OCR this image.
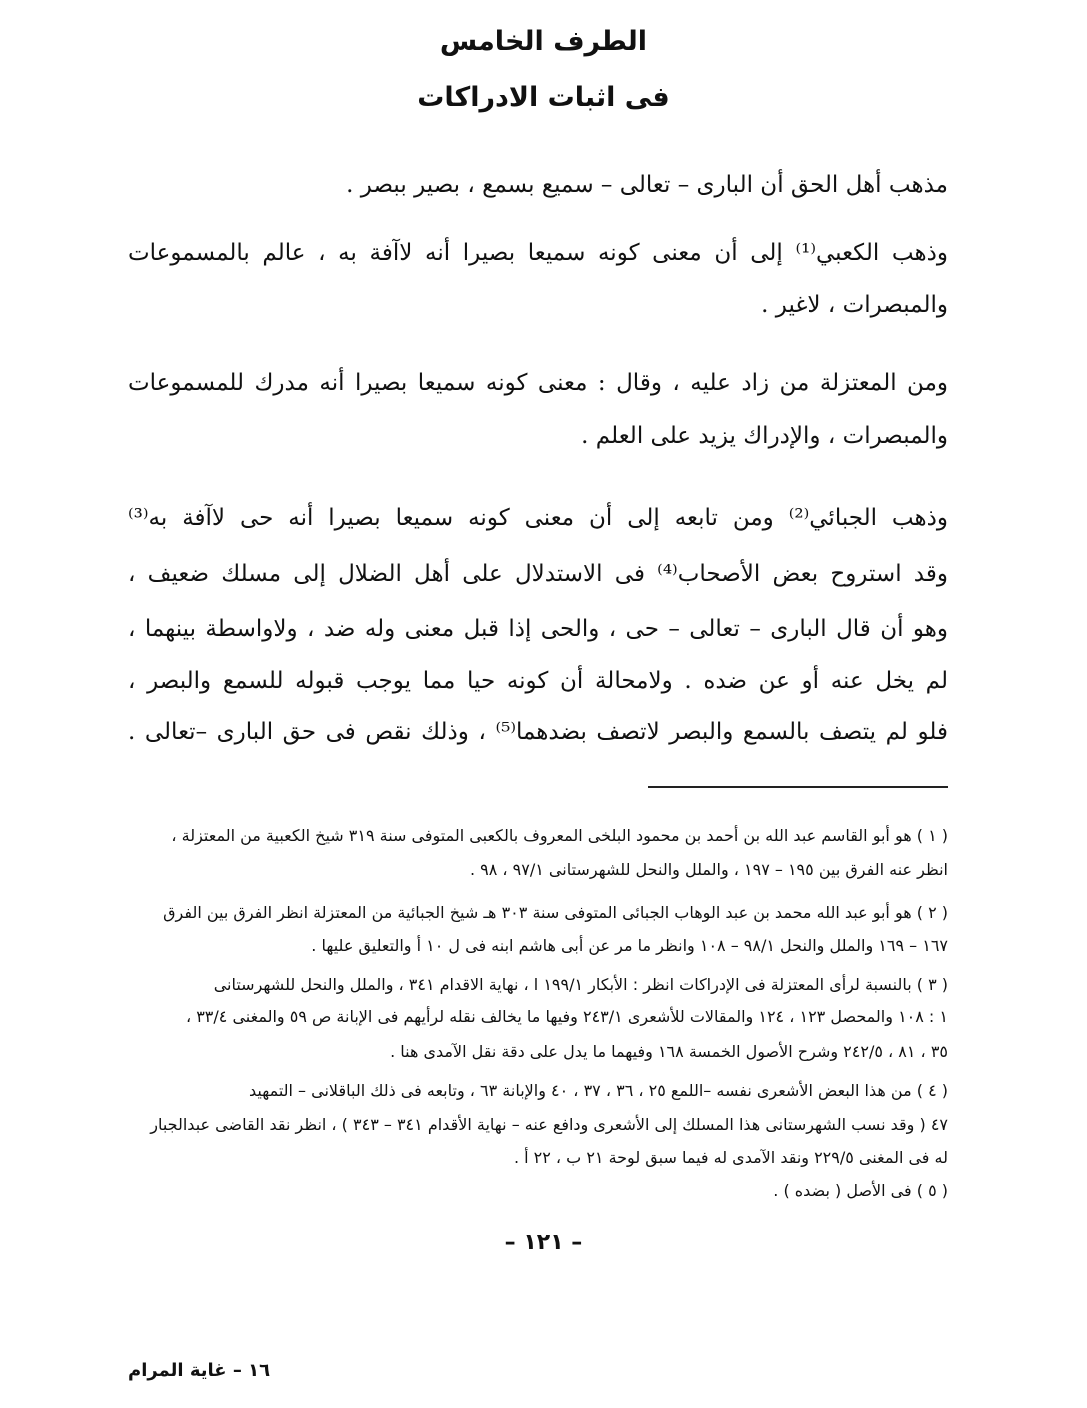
الطرف الخامس
فى اثبات الادراكات
مذهب أهل الحق أن البارى – تعالى – سميع بسمع ، بصير ببصر .
وذهب الكعبي⁽¹⁾ إلى أن معنى كونه سميعا بصيرا أنه لاآفة به ، عالم بالمسموعات
والمبصرات ، لاغير .
ومن المعتزلة من زاد عليه ، وقال : معنى كونه سميعا بصيرا أنه مدرك للمسموعات
والمبصرات ، والإدراك يزيد على العلم .
وذهب الجبائي⁽²⁾ ومن تابعه إلى أن معنى كونه سميعا بصيرا أنه حى لاآفة به⁽³⁾
وقد استروح بعض الأصحاب⁽⁴⁾ فى الاستدلال على أهل الضلال إلى مسلك ضعيف ،
وهو أن قال البارى – تعالى – حى ، والحى إذا قبل معنى وله ضد ، ولاواسطة بينهما ،
لم يخل عنه أو عن ضده . ولامحالة أن كونه حيا مما يوجب قبوله للسمع والبصر ،
فلو لم يتصف بالسمع والبصر لاتصف بضدهما⁽⁵⁾ ، وذلك نقص فى حق البارى –تعالى .
( ١ ) هو أبو القاسم عبد الله بن أحمد بن محمود البلخى المعروف بالكعبى المتوفى سنة ٣١٩ شيخ الكعبية من المعتزلة ،
انظر عنه الفرق بين ١٩٥ – ١٩٧ ، والملل والنحل للشهرستانى ٩٧/١ ، ٩٨ .
( ٢ ) هو أبو عبد الله محمد بن عبد الوهاب الجبائى المتوفى سنة ٣٠٣ هـ شيخ الجبائية من المعتزلة انظر الفرق بين الفرق
١٦٧ – ١٦٩ والملل والنحل ٩٨/١ – ١٠٨ وانظر ما مر عن أبى هاشم ابنه فى ل ١٠ أ والتعليق عليها .
( ٣ ) بالنسبة لرأى المعتزلة فى الإدراكات انظر : الأبكار ١٩٩/١ ا ، نهاية الاقدام ٣٤١ ، والملل والنحل للشهرستانى
١ : ١٠٨ والمحصل ١٢٣ ، ١٢٤ والمقالات للأشعرى ٢٤٣/١ وفيها ما يخالف نقله لرأيهم فى الإبانة ص ٥٩ والمغنى ٣٣/٤ ،
٣٥ ، ٨١ ، ٢٤٢/٥ وشرح الأصول الخمسة ١٦٨ وفيهما ما يدل على دقة نقل الآمدى هنا .
( ٤ ) من هذا البعض الأشعرى نفسه –اللمع ٢٥ ، ٣٦ ، ٣٧ ، ٤٠ والإبانة ٦٣ ، وتابعه فى ذلك الباقلانى – التمهيد
٤٧ ( وقد نسب الشهرستانى هذا المسلك إلى الأشعرى ودافع عنه – نهاية الأقدام ٣٤١ – ٣٤٣ ) ، انظر نقد القاضى عبدالجبار
له فى المغنى ٢٢٩/٥ ونقد الآمدى له فيما سبق لوحة ٢١ ب ، ٢٢ أ .
( ٥ ) فى الأصل ( بضده ) .
– ١٢١ –
١٦ – غاية المرام
